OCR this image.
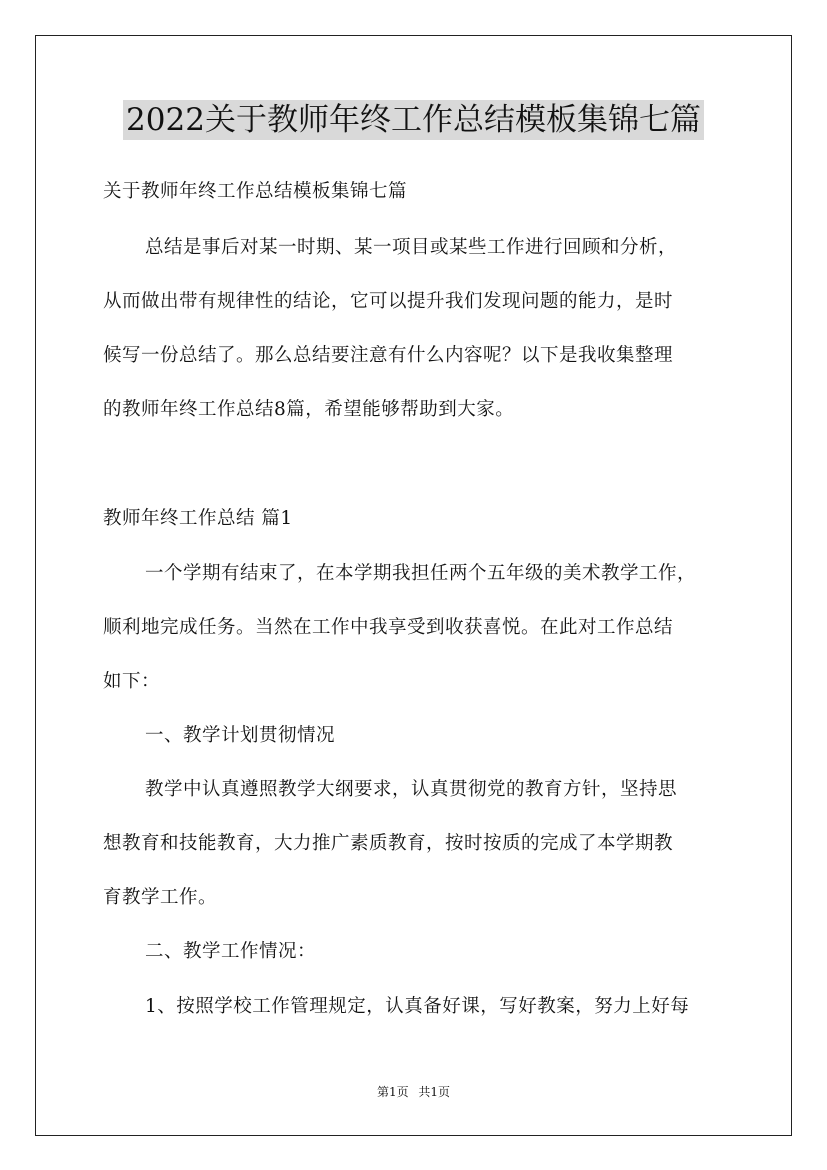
2022关于教师年终工作总结模板集锦七篇
关于教师年终工作总结模板集锦七篇
总结是事后对某一时期、某一项目或某些工作进行回顾和分析，
从而做出带有规律性的结论，它可以提升我们发现问题的能力，是时
候写一份总结了。那么总结要注意有什么内容呢？以下是我收集整理
的教师年终工作总结8篇，希望能够帮助到大家。
教师年终工作总结 篇1
一个学期有结束了，在本学期我担任两个五年级的美术教学工作，
顺利地完成任务。当然在工作中我享受到收获喜悦。在此对工作总结
如下：
一、教学计划贯彻情况
教学中认真遵照教学大纲要求，认真贯彻党的教育方针，坚持思
想教育和技能教育，大力推广素质教育，按时按质的完成了本学期教
育教学工作。
二、教学工作情况：
1、按照学校工作管理规定，认真备好课，写好教案，努力上好每
第1页 共1页
